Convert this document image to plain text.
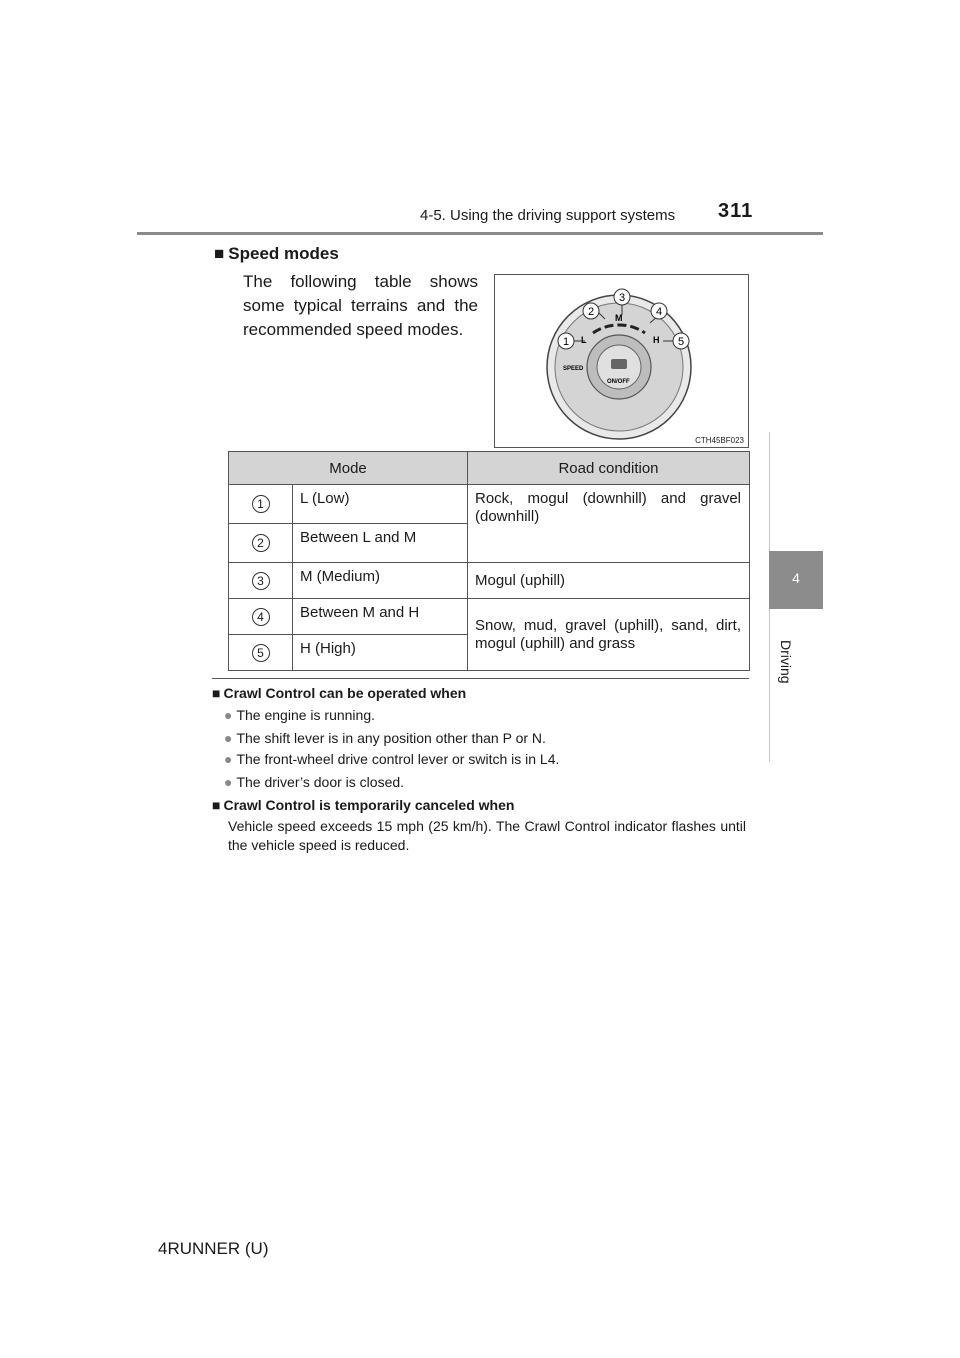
4-5. Using the driving support systems 311
4
Driving
■ Speed modes
The following table shows some typical terrains and the recommended speed modes.
L
M
H
SPEED
ON/OFF
1
2
3
4
5
CTH45BF023
Mode		Road condition
1	L (Low)	Rock, mogul (downhill) and gravel (downhill)

2	Between L and M	
3	M (Medium)	Mogul (uphill)
4	Between M and H	Snow, mud, gravel (uphill), sand, dirt, mogul (uphill) and grass
5	H (High)	
■ Crawl Control can be operated when
● The engine is running.
● The shift lever is in any position other than P or N.
● The front-wheel drive control lever or switch is in L4.
● The driver’s door is closed.
■ Crawl Control is temporarily canceled when
Vehicle speed exceeds 15 mph (25 km/h). The Crawl Control indicator flashes until the vehicle speed is reduced.
4RUNNER (U)
